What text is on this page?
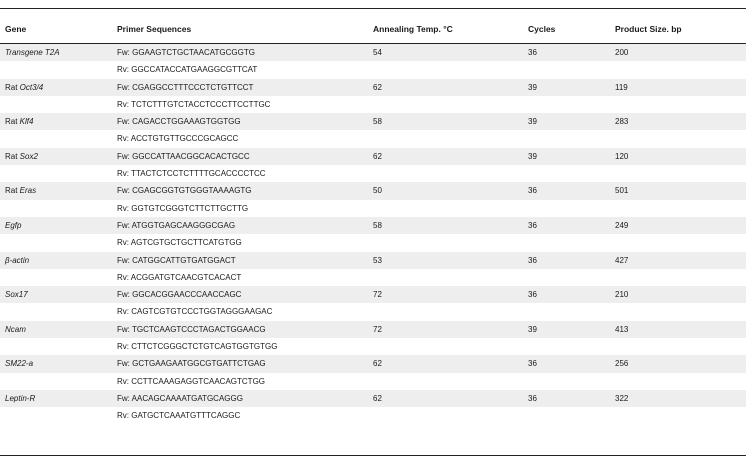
Gene	Primer Sequences	Annealing Temp. °C	Cycles	Product Size. bp
Transgene T2A	Fw: GGAAGTCTGCTAACATGCGGTG	54	36	200
Rv: GGCCATACCATGAAGGCGTTCAT
Rat Oct3/4	Fw: CGAGGCCTTTCCCTCTGTTCCT	62	39	119
Rv: TCTCTTTGTCTACCTCCCTTCCTTGC
Rat Klf4	Fw: CAGACCTGGAAAGTGGTGG	58	39	283
Rv: ACCTGTGTTGCCCGCAGCC
Rat Sox2	Fw: GGCCATTAACGGCACACTGCC	62	39	120
Rv: TTACTCTCCTCTTTTGCACCCCTCC
Rat Eras	Fw: CGAGCGGTGTGGGTAAAAGTG	50	36	501
Rv: GGTGTCGGGTCTTCTTGCTTG
Egfp	Fw: ATGGTGAGCAAGGGCGAG	58	36	249
Rv: AGTCGTGCTGCTTCATGTGG
β-actin	Fw: CATGGCATTGTGATGGACT	53	36	427
Rv: ACGGATGTCAACGTCACACT
Sox17	Fw: GGCACGGAACCCAACCAGC	72	36	210
Rv: CAGTCGTGTCCCTGGTAGGGAAGAC
Ncam	Fw: TGCTCAAGTCCCTAGACTGGAACG	72	39	413
Rv: CTTCTCGGGCTCTGTCAGTGGTGTGG
SM22-a	Fw: GCTGAAGAATGGCGTGATTCTGAG	62	36	256
Rv: CCTTCAAAGAGGTCAACAGTCTGG
Leptin-R	Fw: AACAGCAAAATGATGCAGGG	62	36	322
Rv: GATGCTCAAATGTTTCAGGC
